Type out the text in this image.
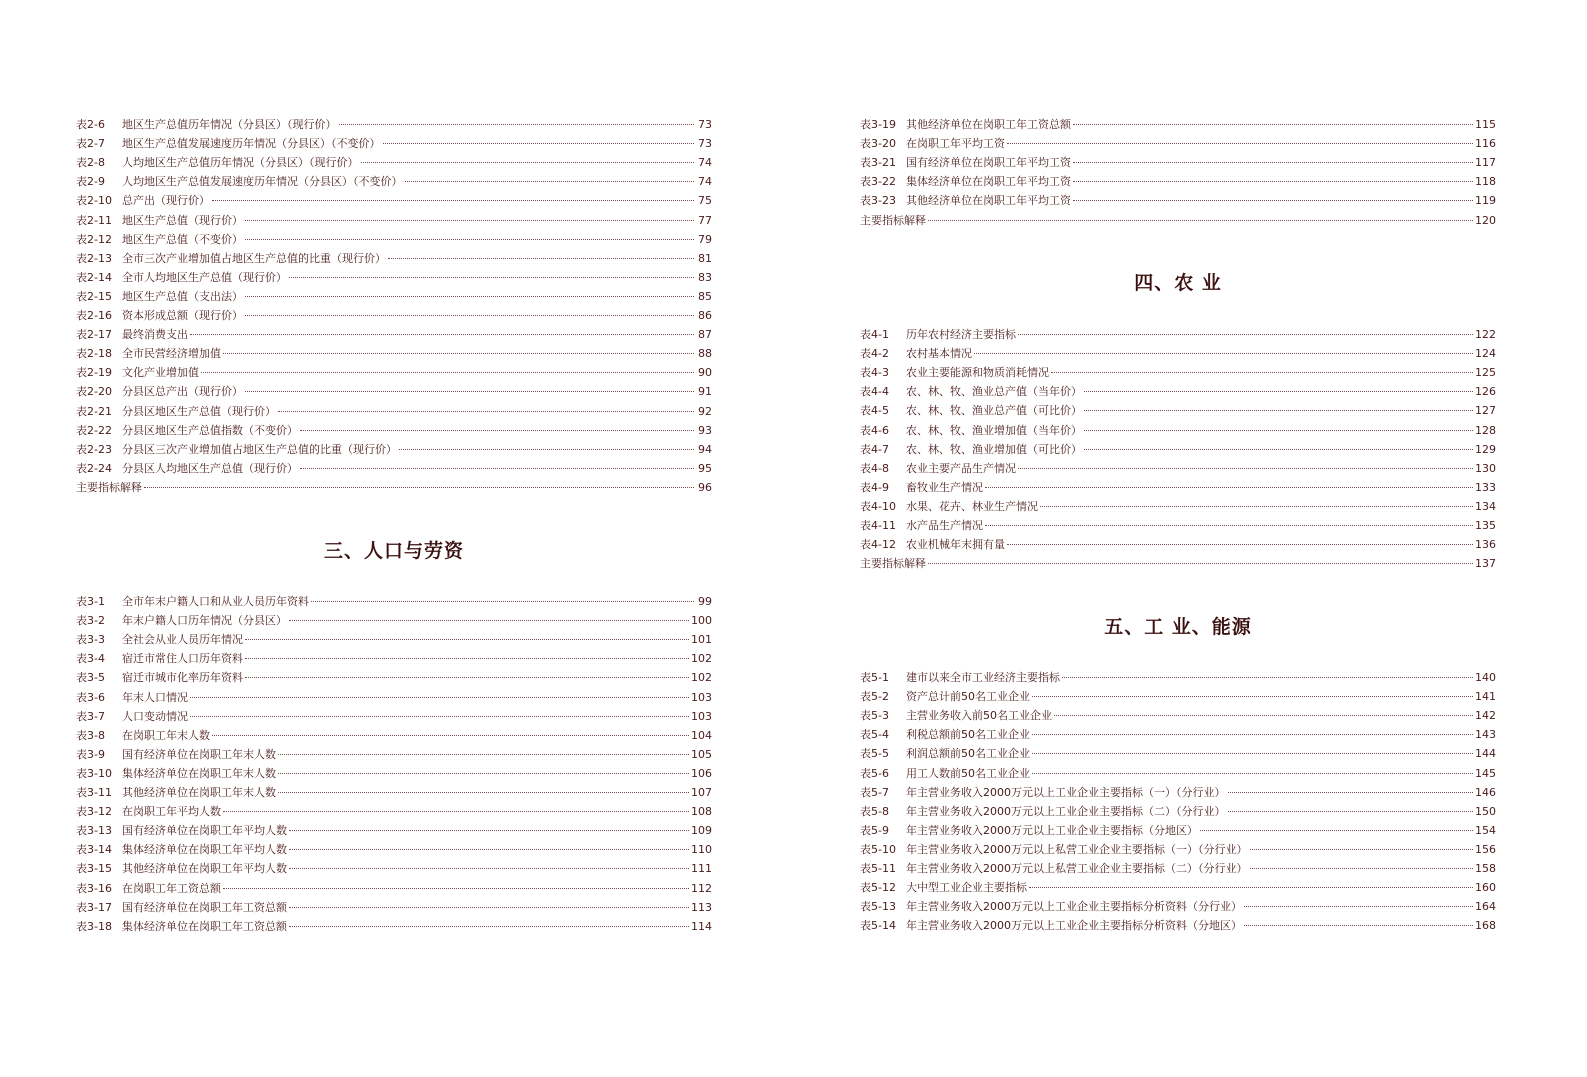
表2-6	地区生产总值历年情况（分县区）（现行价）	73
表2-7	地区生产总值发展速度历年情况（分县区）（不变价）	73
表2-8	人均地区生产总值历年情况（分县区）（现行价）	74
表2-9	人均地区生产总值发展速度历年情况（分县区）（不变价）	74
表2-10 总产出（现行价）	75
表2-11 地区生产总值（现行价）	77
表2-12 地区生产总值（不变价）	79
表2-13 全市三次产业增加值占地区生产总值的比重（现行价）	81
表2-14 全市人均地区生产总值（现行价）	83
表2-15 地区生产总值（支出法）	85
表2-16 资本形成总额（现行价）	86
表2-17 最终消费支出	87
表2-18 全市民营经济增加值	88
表2-19 文化产业增加值	90
表2-20 分县区总产出（现行价）	91
表2-21 分县区地区生产总值（现行价）	92
表2-22 分县区地区生产总值指数（不变价）	93
表2-23 分县区三次产业增加值占地区生产总值的比重（现行价）	94
表2-24 分县区人均地区生产总值（现行价）	95
主要指标解释	96
三、人口与劳资
表3-1	全市年末户籍人口和从业人员历年资料	99
表3-2	年末户籍人口历年情况（分县区）	100
表3-3	全社会从业人员历年情况	101
表3-4	宿迁市常住人口历年资料	102
表3-5	宿迁市城市化率历年资料	102
表3-6	年末人口情况	103
表3-7	人口变动情况	103
表3-8	在岗职工年末人数	104
表3-9	国有经济单位在岗职工年末人数	105
表3-10 集体经济单位在岗职工年末人数	106
表3-11 其他经济单位在岗职工年末人数	107
表3-12 在岗职工年平均人数	108
表3-13 国有经济单位在岗职工年平均人数	109
表3-14 集体经济单位在岗职工年平均人数	110
表3-15 其他经济单位在岗职工年平均人数	111
表3-16 在岗职工年工资总额	112
表3-17 国有经济单位在岗职工年工资总额	113
表3-18 集体经济单位在岗职工年工资总额	114
表3-19 其他经济单位在岗职工年工资总额	115
表3-20 在岗职工年平均工资	116
表3-21 国有经济单位在岗职工年平均工资	117
表3-22 集体经济单位在岗职工年平均工资	118
表3-23 其他经济单位在岗职工年平均工资	119
主要指标解释	120
四、农 业
表4-1	历年农村经济主要指标	122
表4-2	农村基本情况	124
表4-3	农业主要能源和物质消耗情况	125
表4-4	农、林、牧、渔业总产值（当年价）	126
表4-5	农、林、牧、渔业总产值（可比价）	127
表4-6	农、林、牧、渔业增加值（当年价）	128
表4-7	农、林、牧、渔业增加值（可比价）	129
表4-8	农业主要产品生产情况	130
表4-9	畜牧业生产情况	133
表4-10 水果、花卉、林业生产情况	134
表4-11 水产品生产情况	135
表4-12 农业机械年末拥有量	136
主要指标解释	137
五、工 业、能源
表5-1	建市以来全市工业经济主要指标	140
表5-2	资产总计前50名工业企业	141
表5-3	主营业务收入前50名工业企业	142
表5-4	利税总额前50名工业企业	143
表5-5	利润总额前50名工业企业	144
表5-6	用工人数前50名工业企业	145
表5-7	年主营业务收入2000万元以上工业企业主要指标（一）（分行业）	146
表5-8	年主营业务收入2000万元以上工业企业主要指标（二）（分行业）	150
表5-9	年主营业务收入2000万元以上工业企业主要指标（分地区）	154
表5-10 年主营业务收入2000万元以上私营工业企业主要指标（一）（分行业）	156
表5-11 年主营业务收入2000万元以上私营工业企业主要指标（二）（分行业）	158
表5-12 大中型工业企业主要指标	160
表5-13 年主营业务收入2000万元以上工业企业主要指标分析资料（分行业）	164
表5-14 年主营业务收入2000万元以上工业企业主要指标分析资料（分地区）	168
